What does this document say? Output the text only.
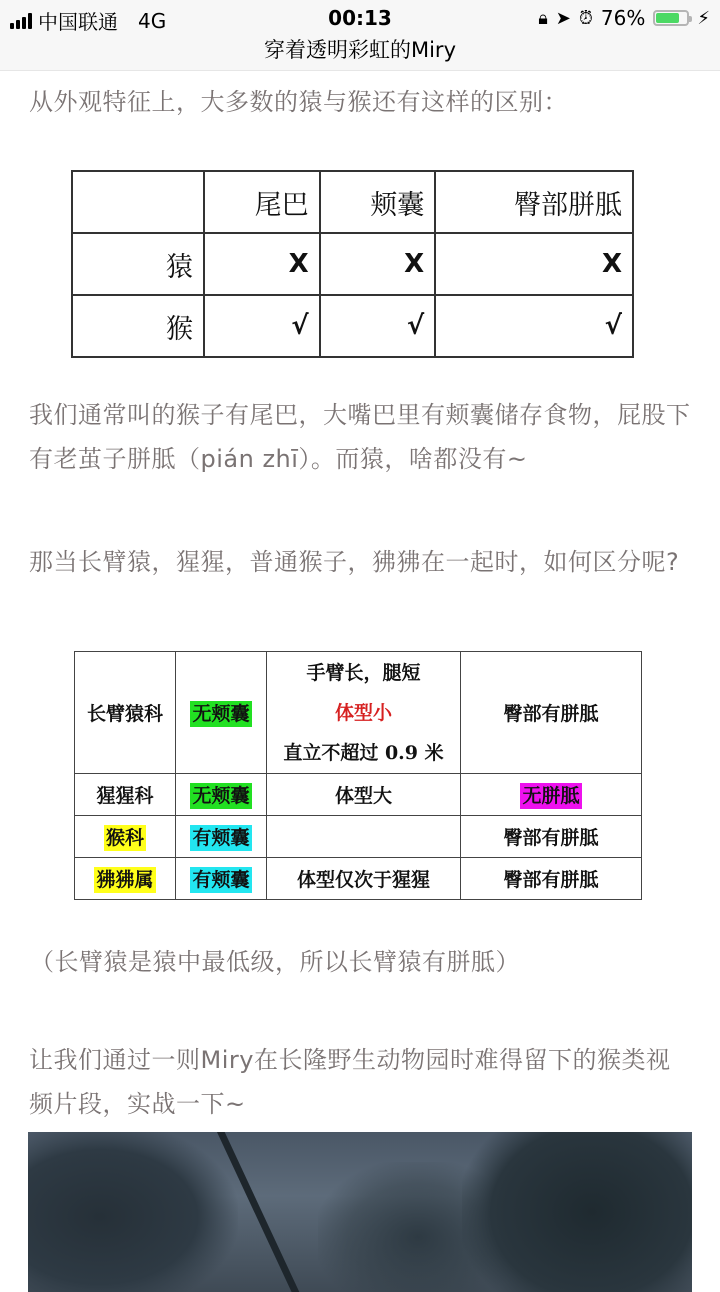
中国联通 4G	00:13	🔒︎ ➤ ⏰︎ 76%	⚡︎
穿着透明彩虹的Miry

从外观特征上，大多数的猿与猴还有这样的区别：

	尾巴	颊囊	臀部胼胝
猿	X	X	X
猴	√	√	√

我们通常叫的猴子有尾巴，大嘴巴里有颊囊储存食物，屁股下有老茧子胼胝（pián zhī）。而猿，啥都没有~

那当长臂猿，猩猩，普通猴子，狒狒在一起时，如何区分呢?

长臂猿科	无颊囊	手臂长，腿短
体型小
直立不超过 0.9 米	臀部有胼胝
猩猩科	无颊囊	体型大	无胼胝
猴科	有颊囊		臀部有胼胝
狒狒属	有颊囊	体型仅次于猩猩	臀部有胼胝

（长臂猿是猿中最低级，所以长臂猿有胼胝）

让我们通过一则Miry在长隆野生动物园时难得留下的猴类视频片段，实战一下~
